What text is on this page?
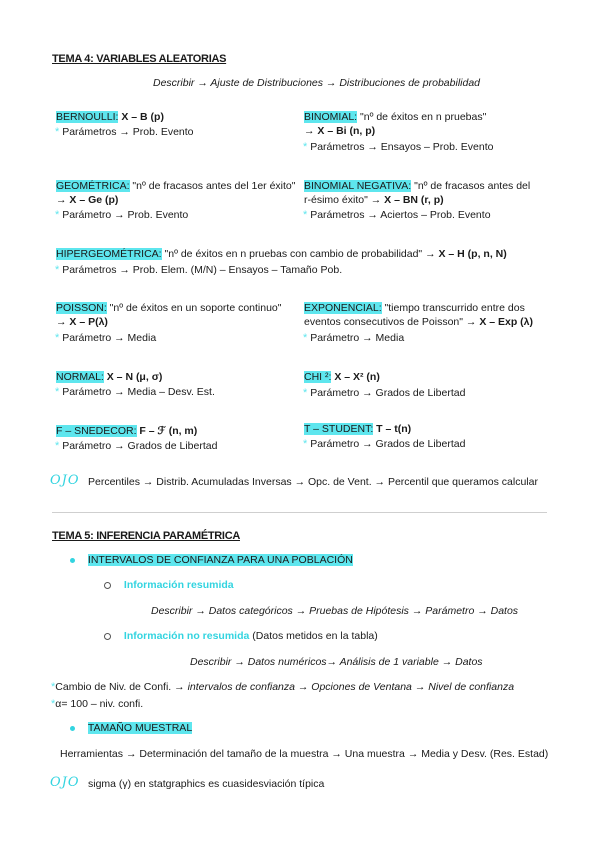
TEMA 4: VARIABLES ALEATORIAS
Describir → Ajuste de Distribuciones → Distribuciones de probabilidad
BERNOULLI: X – B (p)
* Parámetros → Prob. Evento
BINOMIAL: "nº de éxitos en n pruebas"
→ X – Bi (n, p)
* Parámetros → Ensayos – Prob. Evento
GEOMÉTRICA: "nº de fracasos antes del 1er éxito"
→ X – Ge (p)
* Parámetro → Prob. Evento
BINOMIAL NEGATIVA: "nº de fracasos antes del
r-ésimo éxito" → X – BN (r, p)
* Parámetros → Aciertos – Prob. Evento
HIPERGEOMÉTRICA: "nº de éxitos en n pruebas con cambio de probabilidad" → X – H (p, n, N)
* Parámetros → Prob. Elem. (M/N) – Ensayos – Tamaño Pob.
POISSON: "nº de éxitos en un soporte continuo"
→ X – P(λ)
* Parámetro → Media
EXPONENCIAL: "tiempo transcurrido entre dos
eventos consecutivos de Poisson" → X – Exp (λ)
* Parámetro → Media
NORMAL: X – N (μ, σ)
* Parámetro → Media – Desv. Est.
CHI ²: X – Χ² (n)
* Parámetro → Grados de Libertad
F – SNEDECOR: F – ℱ (n, m)
* Parámetro → Grados de Libertad
T – STUDENT: T – t(n)
* Parámetro → Grados de Libertad
OJO Percentiles → Distrib. Acumuladas Inversas → Opc. de Vent. → Percentil que queramos calcular
TEMA 5: INFERENCIA PARAMÉTRICA
INTERVALOS DE CONFIANZA PARA UNA POBLACIÓN
Información resumida
Describir → Datos categóricos → Pruebas de Hipótesis → Parámetro → Datos
Información no resumida (Datos metidos en la tabla)
Describir → Datos numéricos→ Análisis de 1 variable → Datos
*Cambio de Niv. de Confi. → intervalos de confianza → Opciones de Ventana → Nivel de confianza
*α= 100 – niv. confi.
TAMAÑO MUESTRAL
Herramientas → Determinación del tamaño de la muestra → Una muestra → Media y Desv. (Res. Estad)
OJO sigma (γ) en statgraphics es cuasidesviación típica
